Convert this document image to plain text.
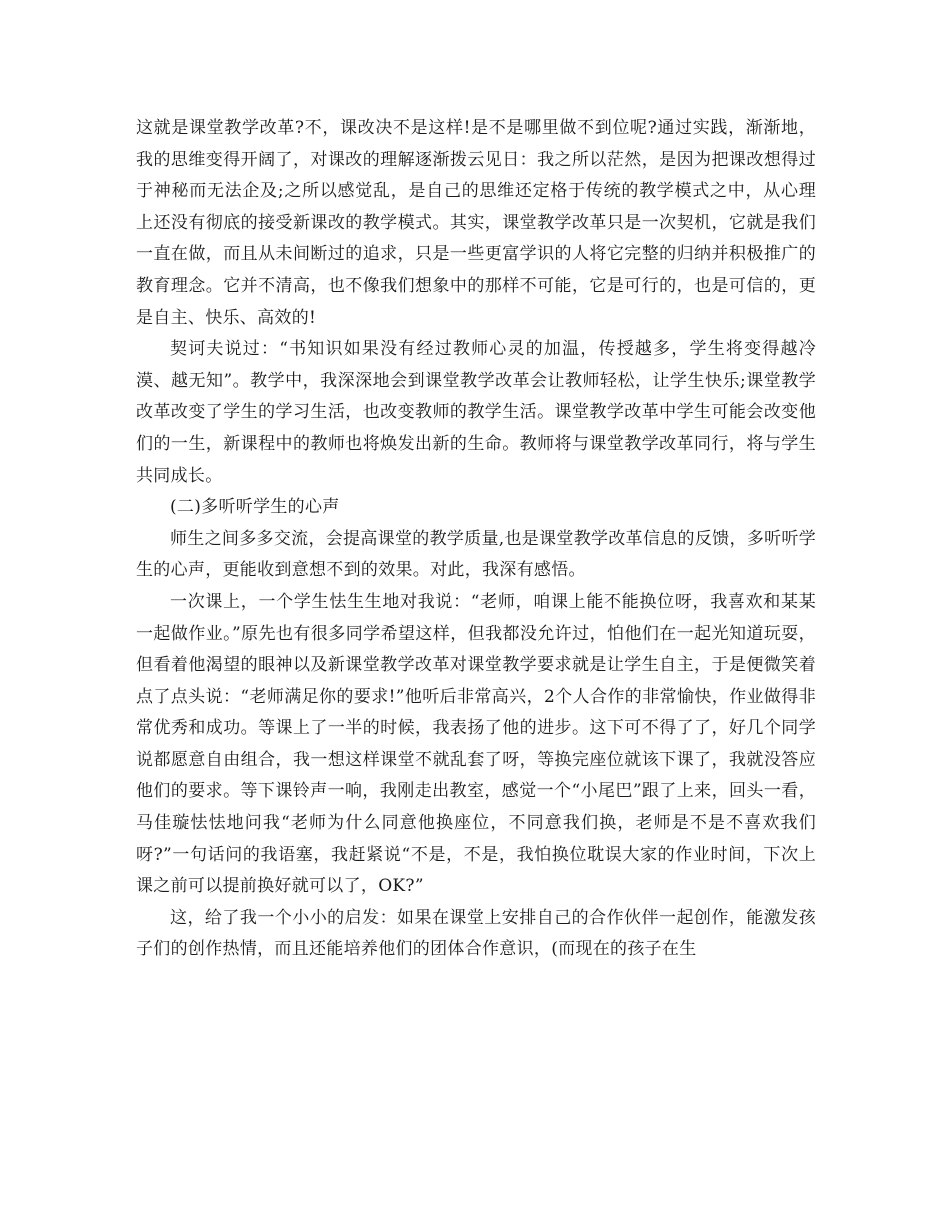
这就是课堂教学改革?不，课改决不是这样!是不是哪里做不到位呢?通过实践，渐渐地，我的思维变得开阔了，对课改的理解逐渐拨云见日：我之所以茫然，是因为把课改想得过于神秘而无法企及;之所以感觉乱，是自己的思维还定格于传统的教学模式之中，从心理上还没有彻底的接受新课改的教学模式。其实，课堂教学改革只是一次契机，它就是我们一直在做，而且从未间断过的追求，只是一些更富学识的人将它完整的归纳并积极推广的教育理念。它并不清高，也不像我们想象中的那样不可能，它是可行的，也是可信的，更是自主、快乐、高效的!

契诃夫说过：“书知识如果没有经过教师心灵的加温，传授越多，学生将变得越冷漠、越无知”。教学中，我深深地会到课堂教学改革会让教师轻松，让学生快乐;课堂教学改革改变了学生的学习生活，也改变教师的教学生活。课堂教学改革中学生可能会改变他们的一生，新课程中的教师也将焕发出新的生命。教师将与课堂教学改革同行，将与学生共同成长。

(二)多听听学生的心声

师生之间多多交流，会提高课堂的教学质量,也是课堂教学改革信息的反馈，多听听学生的心声，更能收到意想不到的效果。对此，我深有感悟。

一次课上，一个学生怯生生地对我说：“老师，咱课上能不能换位呀，我喜欢和某某一起做作业。”原先也有很多同学希望这样，但我都没允许过，怕他们在一起光知道玩耍，但看着他渴望的眼神以及新课堂教学改革对课堂教学要求就是让学生自主，于是便微笑着点了点头说：“老师满足你的要求!”他听后非常高兴，2个人合作的非常愉快，作业做得非常优秀和成功。等课上了一半的时候，我表扬了他的进步。这下可不得了了，好几个同学说都愿意自由组合，我一想这样课堂不就乱套了呀，等换完座位就该下课了，我就没答应他们的要求。等下课铃声一响，我刚走出教室，感觉一个“小尾巴”跟了上来，回头一看，马佳璇怯怯地问我“老师为什么同意他换座位，不同意我们换，老师是不是不喜欢我们呀?”一句话问的我语塞，我赶紧说“不是，不是，我怕换位耽误大家的作业时间，下次上课之前可以提前换好就可以了，OK?”

这，给了我一个小小的启发：如果在课堂上安排自己的合作伙伴一起创作，能激发孩子们的创作热情，而且还能培养他们的团体合作意识，(而现在的孩子在生
